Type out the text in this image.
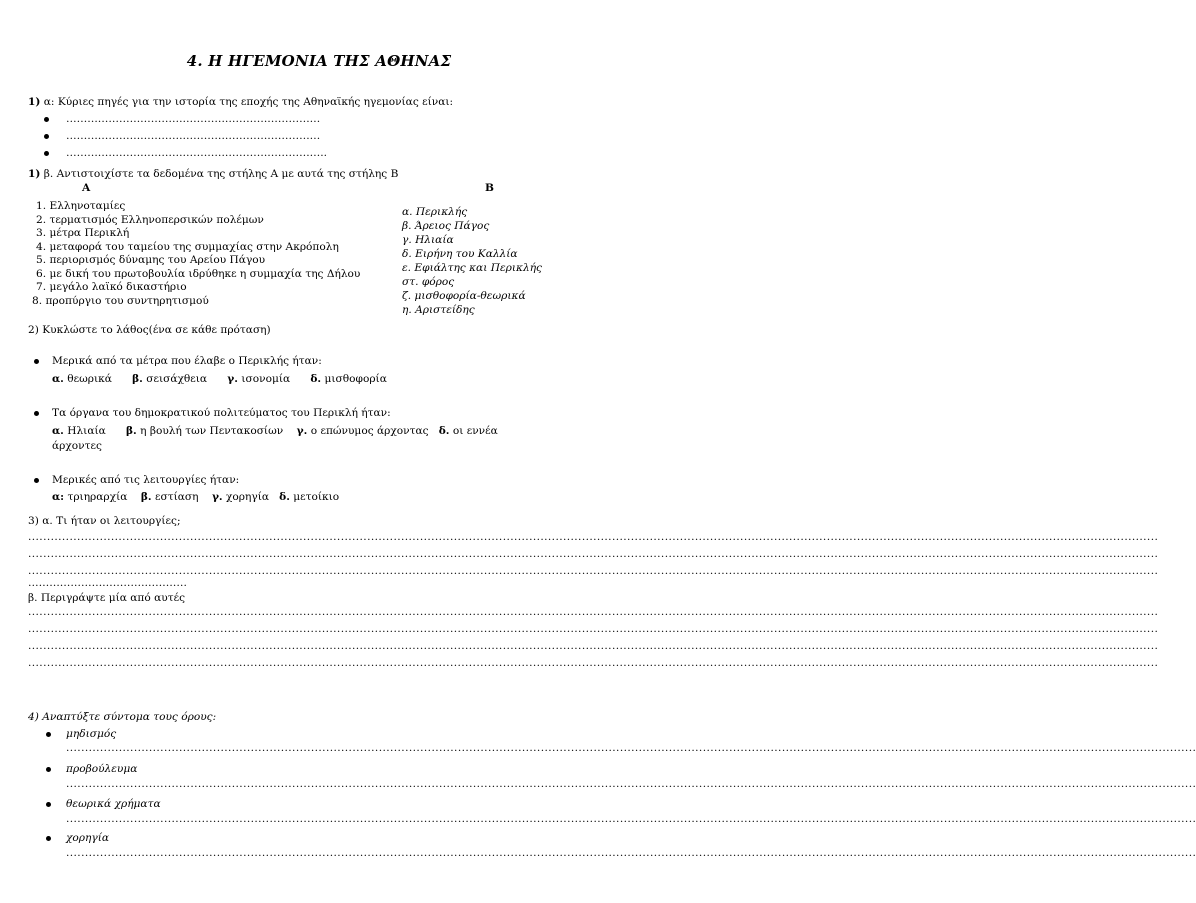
4. Η ΗΓΕΜΟΝΙΑ ΤΗΣ ΑΘΗΝΑΣ
1) α: Κύριες πηγές για την ιστορία της εποχής της Αθηναϊκής ηγεμονίας είναι:
………………………………………………………………
………………………………………………………………
………………………………………………………………..
1) β. Αντιστοιχίστε τα δεδομένα της στήλης Α με αυτά της στήλης Β
Α	Β
1. Ελληνοταμίες
2. τερματισμός Ελληνοπερσικών πολέμων
3. μέτρα Περικλή
4. μεταφορά του ταμείου της συμμαχίας στην Ακρόπολη
5. περιορισμός δύναμης του Αρείου Πάγου
6. με δική του πρωτοβουλία ιδρύθηκε η συμμαχία της Δήλου
7. μεγάλο λαϊκό δικαστήριο
8. προπύργιο του συντηρητισμού
α. Περικλής
β. Άρειος Πάγος
γ. Ηλιαία
δ. Ειρήνη του Καλλία
ε. Εφιάλτης και Περικλής
στ. φόρος
ζ. μισθοφορία-θεωρικά
η. Αριστείδης
2) Κυκλώστε το λάθος(ένα σε κάθε πρόταση)
Μερικά από τα μέτρα που έλαβε ο Περικλής ήταν:
α. θεωρικά β. σεισάχθεια γ. ισονομία δ. μισθοφορία
Τα όργανα του δημοκρατικού πολιτεύματος του Περικλή ήταν:
α. Ηλιαία β. η βουλή των Πεντακοσίων γ. ο επώνυμος άρχοντας δ. οι εννέα
άρχοντες
Μερικές από τις λειτουργίες ήταν:
α: τριηραρχία β. εστίαση γ. χορηγία δ. μετοίκιο
3) α. Τι ήταν οι λειτουργίες;
............................................................................................................................................................................................................................................................................................................
............................................................................................................................................................................................................................................................................................................
............................................................................................................................................................................................................................................................................................................
………………………………………
β. Περιγράψτε μία από αυτές
............................................................................................................................................................................................................................................................................................................
............................................................................................................................................................................................................................................................................................................
............................................................................................................................................................................................................................................................................................................
............................................................................................................................................................................................................................................................................................................
4) Αναπτύξτε σύντομα τους όρους:
μηδισμός
............................................................................................................................................................................................................................................................................................................
προβούλευμα
............................................................................................................................................................................................................................................................................................................
θεωρικά χρήματα
............................................................................................................................................................................................................................................................................................................
χορηγία
............................................................................................................................................................................................................................................................................................................
